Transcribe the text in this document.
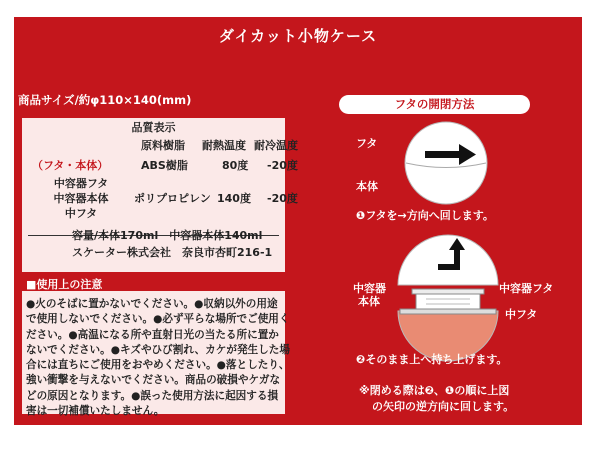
ダイカット小物ケース
商品サイズ/約φ110×140(mm)
品質表示
原料樹脂 耐熱温度 耐冷温度
（フタ・本体）	ABS樹脂	80度 -20度
中容器フタ
中容器本体
中フタ
ポリプロピレン 140度 -20度
容量/本体170ml　中容器本体140ml
スケーター株式会社　奈良市杏町216-1
■使用上の注意
●火のそばに置かないでください。●収納以外の用途
で使用しないでください。●必ず平らな場所でご使用く
ださい。●高温になる所や直射日光の当たる所に置か
ないでください。●キズやひび割れ、カケが発生した場
合には直ちにご使用をおやめください。●落としたり、
強い衝撃を与えないでください。商品の破損やケガな
どの原因となります。●誤った使用方法に起因する損
害は一切補償いたしません。
フタの開閉方法
フタ
本体
❶フタを→方向へ回します。
中容器
本体
中容器フタ
中フタ
❷そのまま上へ持ち上げます。
※閉める際は❷、❶の順に上図
の矢印の逆方向に回します。
